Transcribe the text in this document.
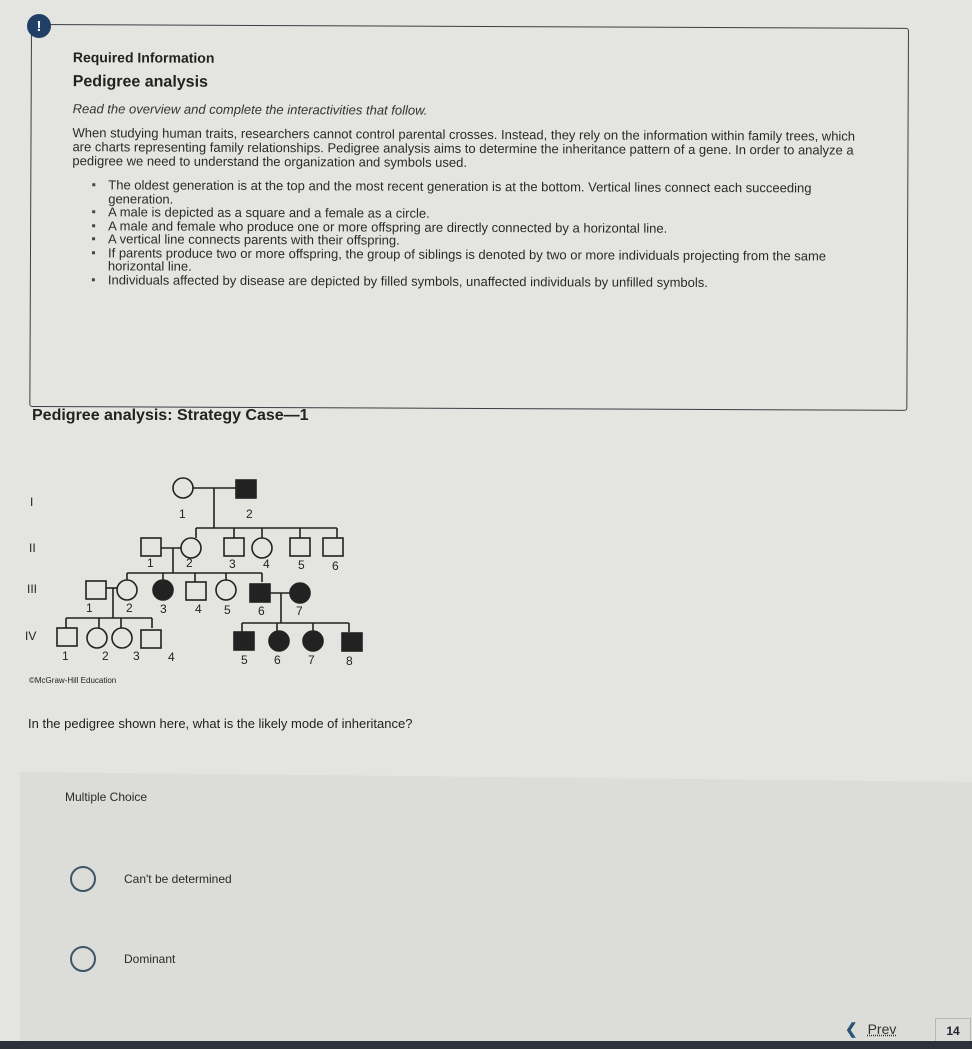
!
Required Information
Pedigree analysis
Read the overview and complete the interactivities that follow.
When studying human traits, researchers cannot control parental crosses. Instead, they rely on the information within family trees, which are charts representing family relationships. Pedigree analysis aims to determine the inheritance pattern of a gene. In order to analyze a pedigree we need to understand the organization and symbols used.
The oldest generation is at the top and the most recent generation is at the bottom. Vertical lines connect each succeeding generation.
A male is depicted as a square and a female as a circle.
A male and female who produce one or more offspring are directly connected by a horizontal line.
A vertical line connects parents with their offspring.
If parents produce two or more offspring, the group of siblings is denoted by two or more individuals projecting from the same horizontal line.
Individuals affected by disease are depicted by filled symbols, unaffected individuals by unfilled symbols.
Pedigree analysis: Strategy Case—1
I
II
III
IV
1	2
1	2	3 4 5 6
1	2 3 4 5 6	7
1	2 3 4	5 6 7	8
©McGraw-Hill Education
In the pedigree shown here, what is the likely mode of inheritance?
Multiple Choice
Can't be determined
Dominant
❮ Prev	14
